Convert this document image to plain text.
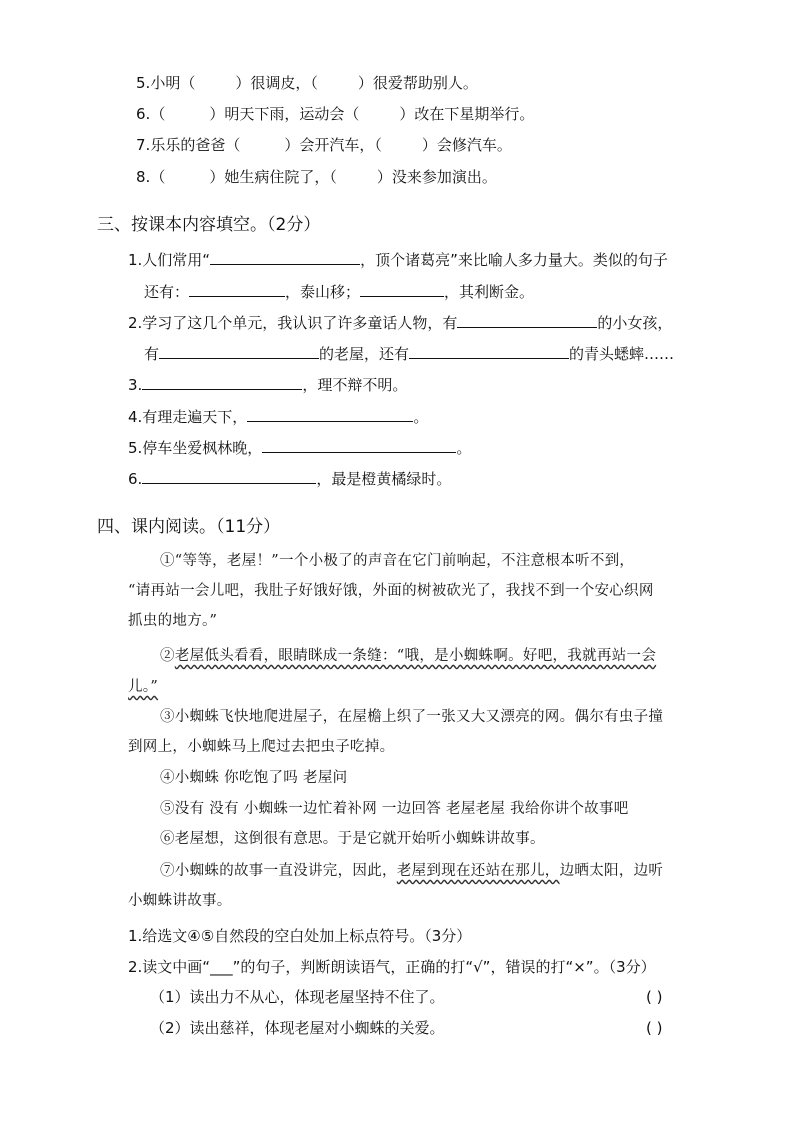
5.小明（	）很调皮，（	）很爱帮助别人。
6.（	）明天下雨，运动会（	）改在下星期举行。
7.乐乐的爸爸（	）会开汽车，（	）会修汽车。
8.（	）她生病住院了，（	）没来参加演出。
三、按课本内容填空。（2分）
1.人们常用“	，顶个诸葛亮”来比喻人多力量大。类似的句子
还有：	，泰山移；	，其利断金。
2.学习了这几个单元，我认识了许多童话人物，有	的小女孩，
有	的老屋，还有	的青头蟋蟀……
3.	，理不辩不明。
4.有理走遍天下，	。
5.停车坐爱枫林晚，	。
6.	，最是橙黄橘绿时。
四、课内阅读。（11分）
①“等等，老屋！”一个小极了的声音在它门前响起，不注意根本听不到，
“请再站一会儿吧，我肚子好饿好饿，外面的树被砍光了，我找不到一个安心织网
抓虫的地方。”
②老屋低头看看，眼睛眯成一条缝：“哦，是小蜘蛛啊。好吧，我就再站一会
儿。”
③小蜘蛛飞快地爬进屋子，在屋檐上织了一张又大又漂亮的网。偶尔有虫子撞
到网上，小蜘蛛马上爬过去把虫子吃掉。
④小蜘蛛 你吃饱了吗 老屋问
⑤没有 没有 小蜘蛛一边忙着补网 一边回答 老屋老屋 我给你讲个故事吧
⑥老屋想，这倒很有意思。于是它就开始听小蜘蛛讲故事。
⑦小蜘蛛的故事一直没讲完，因此，老屋到现在还站在那儿，边晒太阳，边听
小蜘蛛讲故事。
1.给选文④⑤自然段的空白处加上标点符号。（3分）
2.读文中画“___”的句子，判断朗读语气，正确的打“√”，错误的打“×”。（3分）
（1）读出力不从心，体现老屋坚持不住了。	( )
（2）读出慈祥，体现老屋对小蜘蛛的关爱。	( )
